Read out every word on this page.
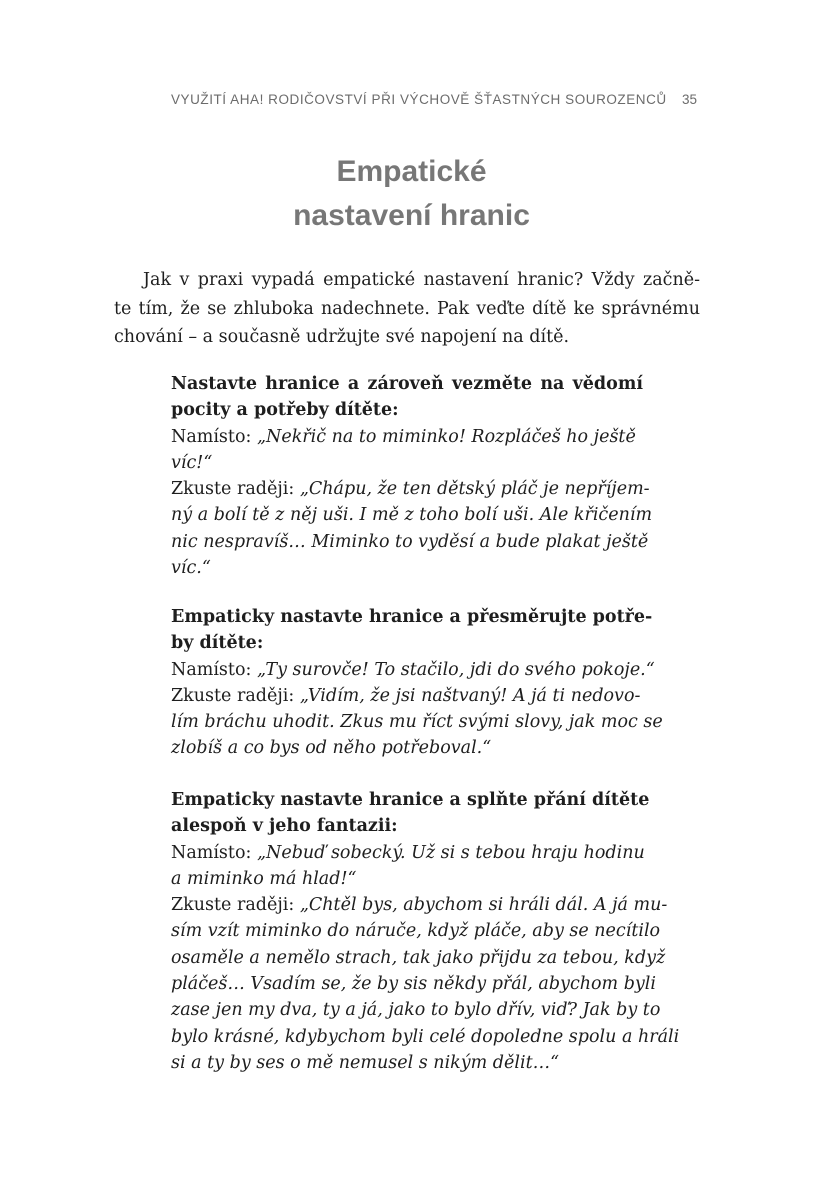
VYUŽITÍ AHA! RODIČOVSTVÍ PŘI VÝCHOVĚ ŠŤASTNÝCH SOUROZENCŮ 35
Empatické
nastavení hranic
Jak v praxi vypadá empatické nastavení hranic? Vždy začně-
te tím, že se zhluboka nadechnete. Pak veďte dítě ke správnému
chování – a současně udržujte své napojení na dítě.
Nastavte hranice a zároveň vezměte na vědomí
pocity a potřeby dítěte:
Namísto: „Nekřič na to miminko! Rozpláčeš ho ještě
víc!“
Zkuste raději: „Chápu, že ten dětský pláč je nepříjem-
ný a bolí tě z něj uši. I mě z toho bolí uši. Ale křičením
nic nespravíš… Miminko to vyděsí a bude plakat ještě
víc.“
Empaticky nastavte hranice a přesměrujte potře-
by dítěte:
Namísto: „Ty surovče! To stačilo, jdi do svého pokoje.“
Zkuste raději: „Vidím, že jsi naštvaný! A já ti nedovo-
lím bráchu uhodit. Zkus mu říct svými slovy, jak moc se
zlobíš a co bys od něho potřeboval.“
Empaticky nastavte hranice a splňte přání dítěte
alespoň v jeho fantazii:
Namísto: „Nebuď sobecký. Už si s tebou hraju hodinu
a miminko má hlad!“
Zkuste raději: „Chtěl bys, abychom si hráli dál. A já mu-
sím vzít miminko do náruče, když pláče, aby se necítilo
osaměle a nemělo strach, tak jako přijdu za tebou, když
pláčeš… Vsadím se, že by sis někdy přál, abychom byli
zase jen my dva, ty a já, jako to bylo dřív, viď? Jak by to
bylo krásné, kdybychom byli celé dopoledne spolu a hráli
si a ty by ses o mě nemusel s nikým dělit…“
